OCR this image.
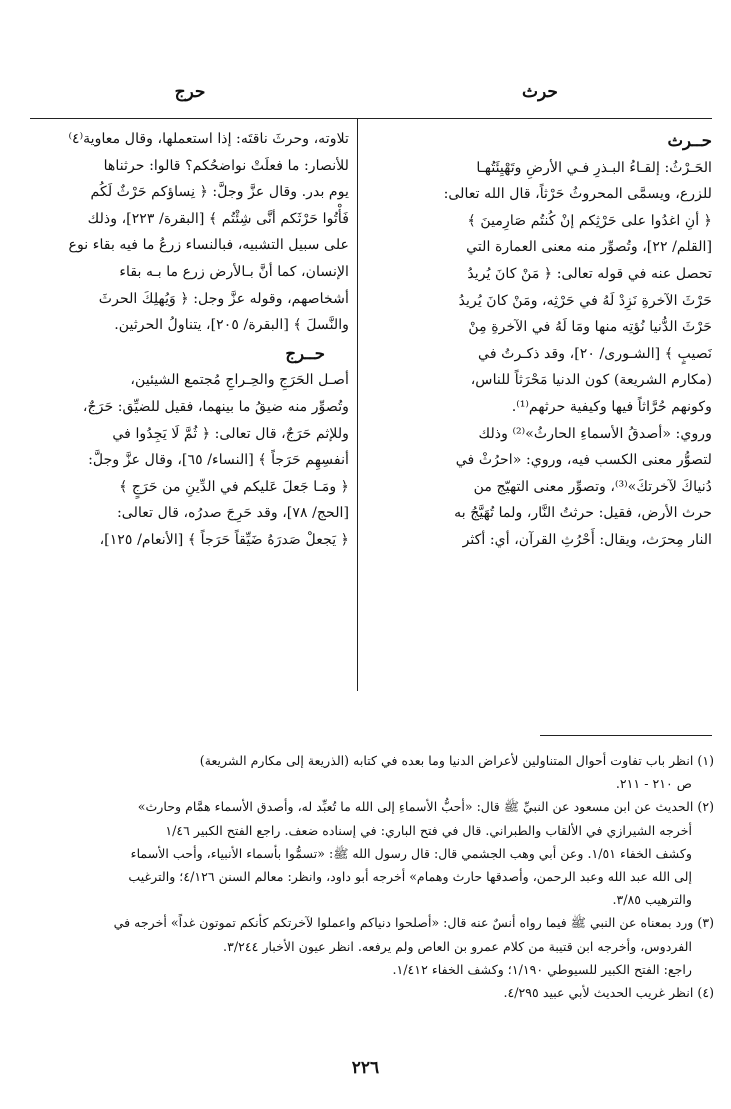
حرث
حرج
حــرث

الحَـرْثُ: إلقـاءُ البـذرِ فـي الأرضِ وتَهْيِئَتُهـا

للزرع، ويسمَّى المحروثُ حَرْثاً، قال الله تعالى:

﴿ أنِ اغدُوا على حَرْثِكم إنْ كُنتُم صَارِمينَ ﴾

[القلم/ ٢٢]، وتُصوِّر منه معنى العمارة التي

تحصل عنه في قوله تعالى: ﴿ مَنْ كانَ يُريدُ

حَرْثَ الآخرةِ نَزِدْ لَهُ في حَرْثِه، ومَنْ كانَ يُريدُ

حَرْثَ الدُّنيا نُؤتِه منها ومَا لَهُ في الآخرةِ مِنْ

نَصيبٍ ﴾ [الشـورى/ ٢٠]، وقد ذكـرتُ في

(مكارم الشريعة) كون الدنيا مَحْرَثاً للناس،

وكونهم حُرَّاثاً فيها وكيفية حرثهم⁽¹⁾.

وروي: «أصدقُ الأسماءِ الحارثُ»⁽²⁾ وذلك

لتصوُّر معنى الكسب فيه، وروي: «احرُثْ في

دُنياكَ لآخرتكَ»⁽³⁾، وتصوِّر معنى التهيّج من

حرث الأرض، فقيل: حرثتُ النَّار، ولما تُهَيَّجُ به

النار مِحرَث، ويقال: أَحْرُثِ القرآن، أي: أكثر

تلاوته، وحرثَ ناقتَه: إذا استعملها، وقال معاوية⁽٤⁾

للأنصار: ما فعلَتْ نواضحُكم؟ قالوا: حرثناها

يوم بدر. وقال عزَّ وجلَّ: ﴿ نِساؤكم حَرْثٌ لَكُم

فَأْتُوا حَرْثَكم أنَّى شِئْتُم ﴾ [البقرة/ ٢٢٣]، وذلك

على سبيل التشبيه، فبالنساء زرعُ ما فيه بقاء نوع

الإنسان، كما أنَّ بـالأرض زرع ما بـه بقاء

أشخاصهم، وقوله عزَّ وجل: ﴿ وَيُهلِكَ الحرثَ

والنَّسلَ ﴾ [البقرة/ ٢٠٥]، يتناولُ الحرثين.

حــرج

أصـل الحَرَجِ والحِـراجِ مُجتمع الشيئين،

وتُصوِّر منه ضيقُ ما بينهما، فقيل للضيِّق: حَرَجٌ،

وللإثم حَرَجٌ، قال تعالى: ﴿ ثُمَّ لَا يَجِدُوا في

أنفسِهِم حَرَجاً ﴾ [النساء/ ٦٥]، وقال عزَّ وجلَّ:

﴿ ومَـا جَعلَ عَليكم في الدِّينِ من حَرَجٍ ﴾

[الحج/ ٧٨]، وقد حَرِجَ صدرُه، قال تعالى:

﴿ يَجعلْ صَدرَهُ ضَيِّقاً حَرَجاً ﴾ [الأنعام/ ١٢٥]،

(١) انظر باب تفاوت أحوال المتناولين لأعراض الدنيا وما بعده في كتابه (الذريعة إلى مكارم الشريعة)

ص ٢١٠ - ٢١١.

(٢) الحديث عن ابن مسعود عن النبيِّ ﷺ قال: «أحبُّ الأسماءِ إلى الله ما تُعبِّد له، وأصدق الأسماء همَّام وحارث»

أخرجه الشيرازي في الألقاب والطبراني. قال في فتح الباري: في إسناده ضعف. راجع الفتح الكبير ١/٤٦

وكشف الخفاء ١/٥١. وعن أبي وهب الجشمي قال: قال رسول الله ﷺ: «تسمُّوا بأسماء الأنبياء، وأحب الأسماء

إلى الله عبد الله وعبد الرحمن، وأصدقها حارث وهمام» أخرجه أبو داود، وانظر: معالم السنن ٤/١٢٦؛ والترغيب

والترهيب ٣/٨٥.

(٣) ورد بمعناه عن النبي ﷺ فيما رواه أنسٌ عنه قال: «أصلحوا دنياكم واعملوا لآخرتكم كأنكم تموتون غداً» أخرجه في

الفردوس، وأخرجه ابن قتيبة من كلام عمرو بن العاص ولم يرفعه. انظر عيون الأخبار ٣/٢٤٤.

راجع: الفتح الكبير للسيوطي ١/١٩٠؛ وكشف الخفاء ١/٤١٢.

(٤) انظر غريب الحديث لأبي عبيد ٤/٢٩٥.

٢٢٦
